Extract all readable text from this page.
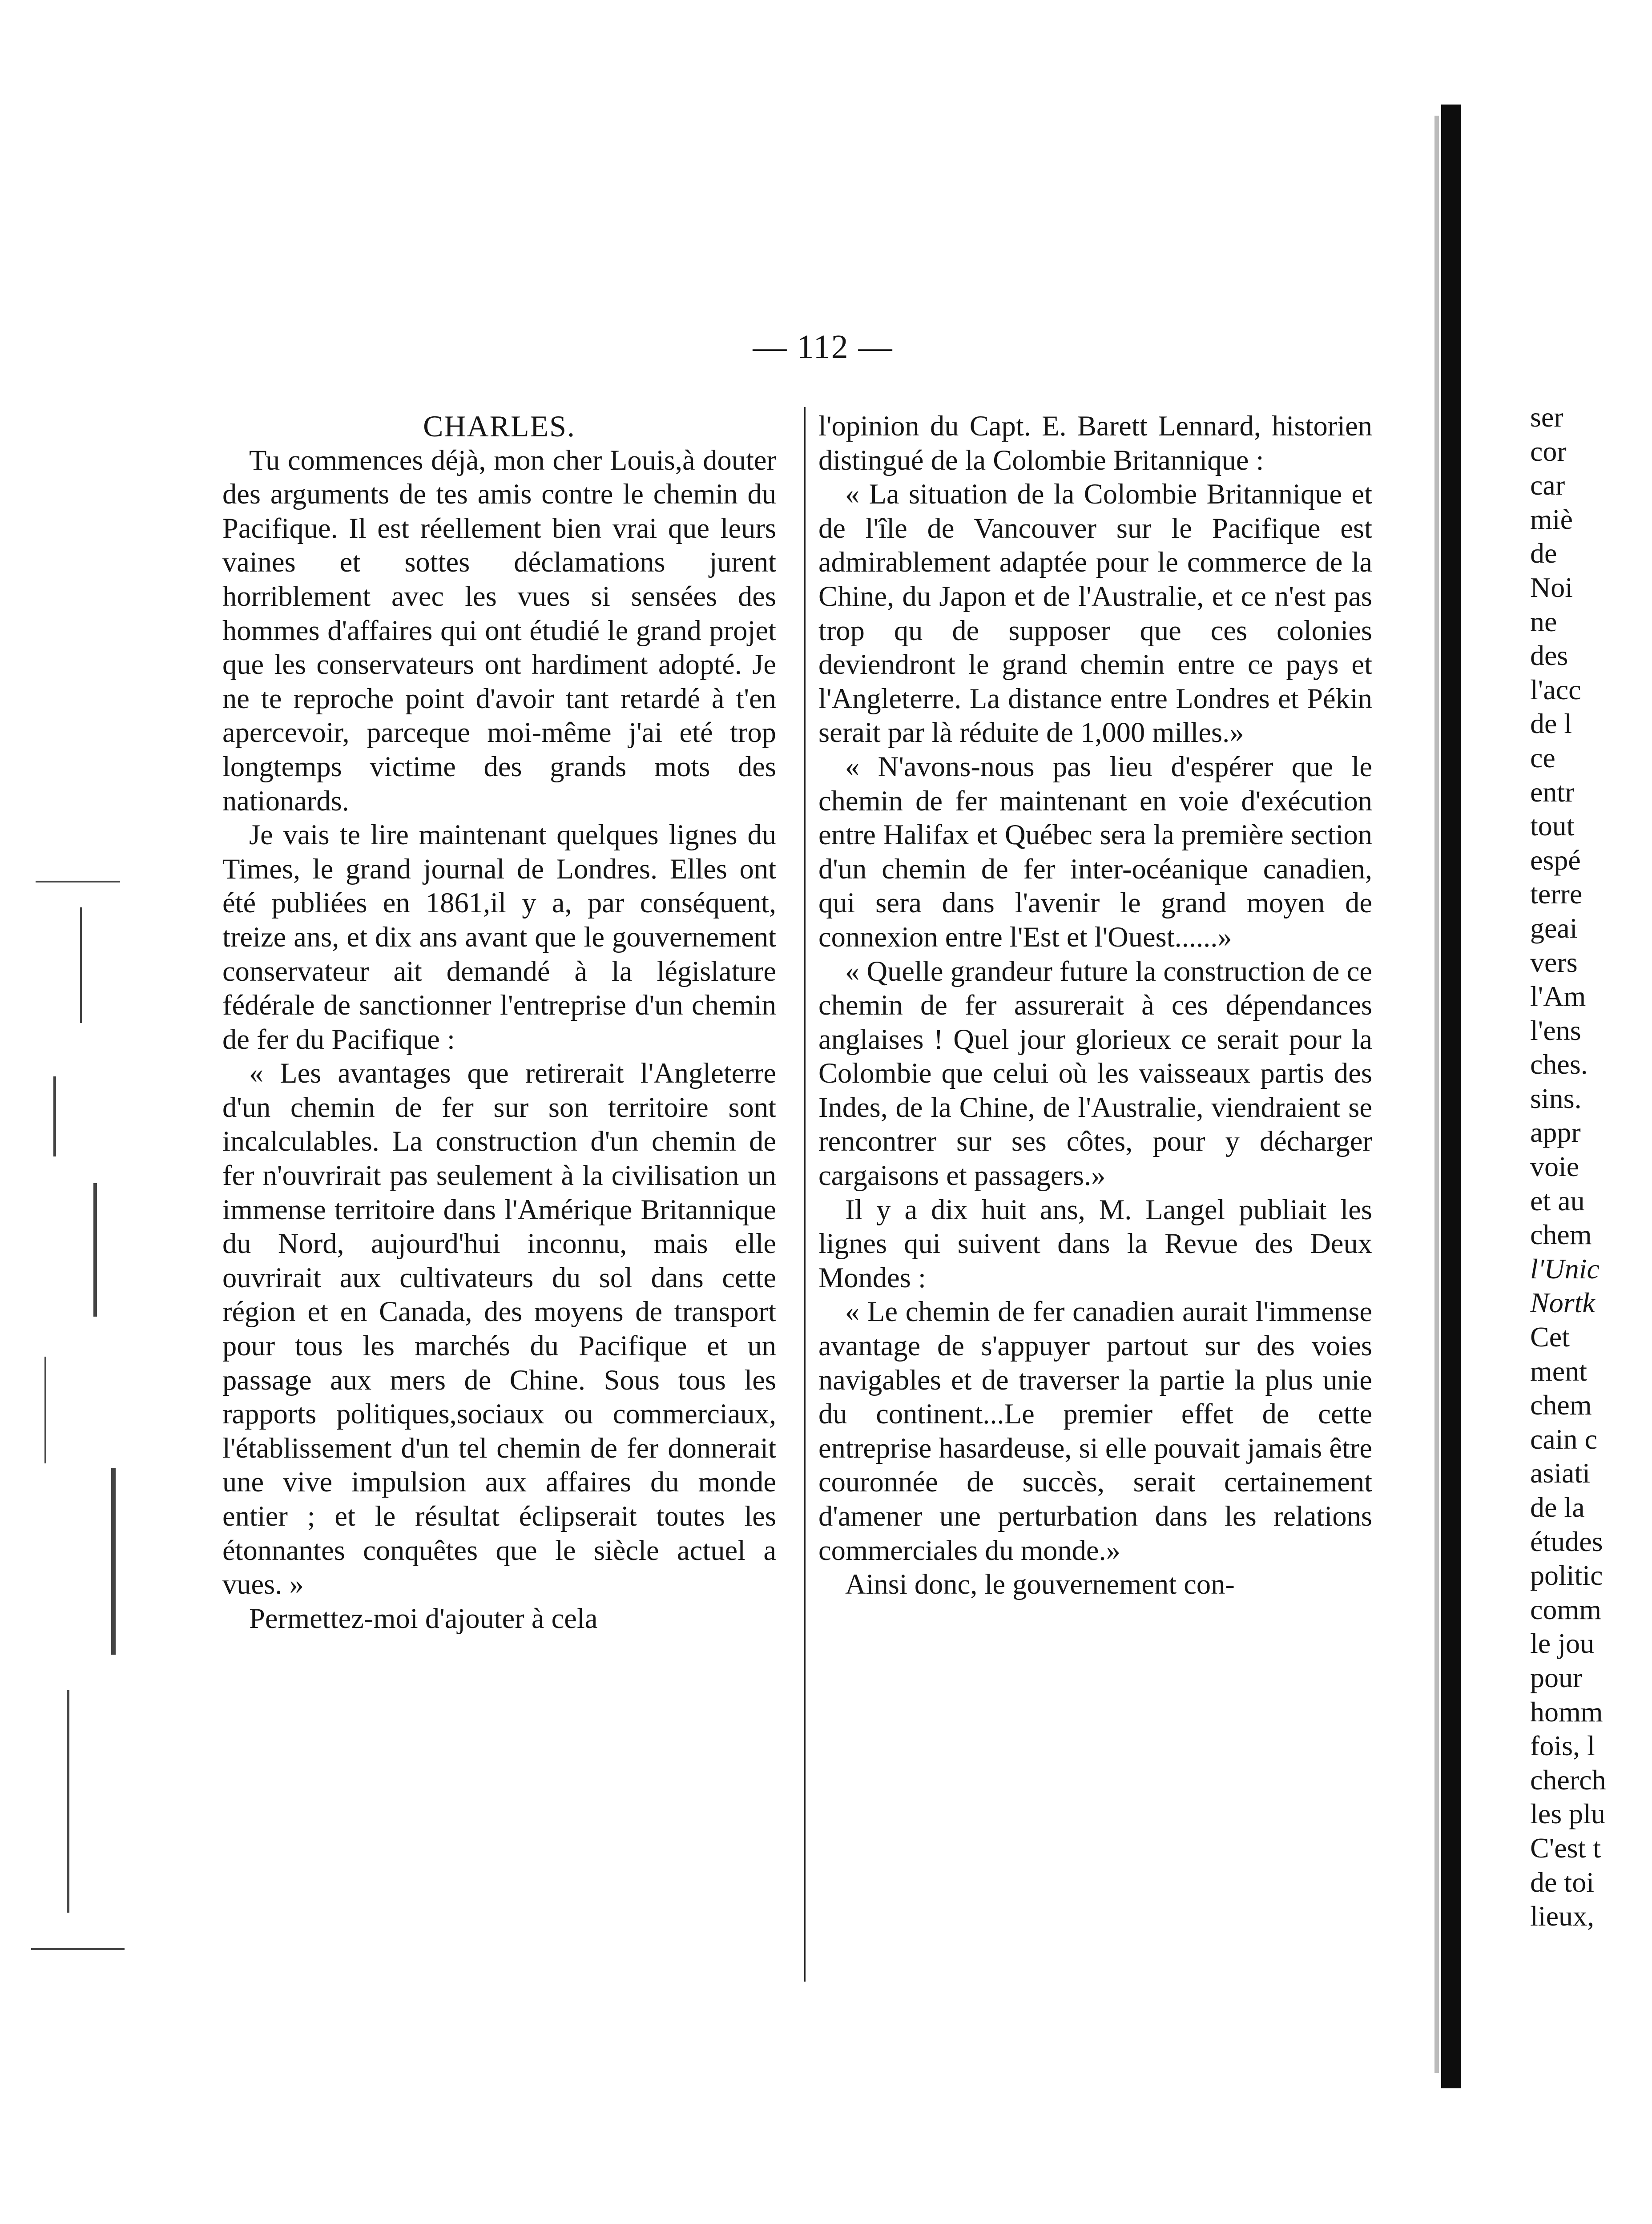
— 112 —
CHARLES.

Tu commences déjà, mon cher Louis,à douter des arguments de tes amis contre le chemin du Pacifique. Il est réellement bien vrai que leurs vaines et sottes déclamations jurent horriblement avec les vues si sensées des hommes d'affaires qui ont étudié le grand projet que les conservateurs ont hardiment adopté. Je ne te reproche point d'avoir tant retardé à t'en apercevoir, parceque moi-même j'ai eté trop longtemps victime des grands mots des nationards.

Je vais te lire maintenant quelques lignes du Times, le grand journal de Londres. Elles ont été publiées en 1861,il y a, par conséquent, treize ans, et dix ans avant que le gouvernement conservateur ait demandé à la législature fédérale de sanctionner l'entreprise d'un chemin de fer du Pacifique :

« Les avantages que retirerait l'Angleterre d'un chemin de fer sur son territoire sont incalculables. La construction d'un chemin de fer n'ouvrirait pas seulement à la civilisation un immense territoire dans l'Amérique Britannique du Nord, aujourd'hui inconnu, mais elle ouvrirait aux cultivateurs du sol dans cette région et en Canada, des moyens de transport pour tous les marchés du Pacifique et un passage aux mers de Chine. Sous tous les rapports politiques,sociaux ou commerciaux, l'établissement d'un tel chemin de fer donnerait une vive impulsion aux affaires du monde entier ; et le résultat éclipserait toutes les étonnantes conquêtes que le siècle actuel a vues. »

Permettez-moi d'ajouter à cela

l'opinion du Capt. E. Barett Lennard, historien distingué de la Colombie Britannique :

« La situation de la Colombie Britannique et de l'île de Vancouver sur le Pacifique est admirablement adaptée pour le commerce de la Chine, du Japon et de l'Australie, et ce n'est pas trop qu de supposer que ces colonies deviendront le grand chemin entre ce pays et l'Angleterre. La distance entre Londres et Pékin serait par là réduite de 1,000 milles.»

« N'avons-nous pas lieu d'espérer que le chemin de fer maintenant en voie d'exécution entre Halifax et Québec sera la première section d'un chemin de fer inter-océanique canadien, qui sera dans l'avenir le grand moyen de connexion entre l'Est et l'Ouest......»

« Quelle grandeur future la construction de ce chemin de fer assurerait à ces dépendances anglaises ! Quel jour glorieux ce serait pour la Colombie que celui où les vaisseaux partis des Indes, de la Chine, de l'Australie, viendraient se rencontrer sur ses côtes, pour y décharger cargaisons et passagers.»

Il y a dix huit ans, M. Langel publiait les lignes qui suivent dans la Revue des Deux Mondes :

« Le chemin de fer canadien aurait l'immense avantage de s'appuyer partout sur des voies navigables et de traverser la partie la plus unie du continent...Le premier effet de cette entreprise hasardeuse, si elle pouvait jamais être couronnée de succès, serait certainement d'amener une perturbation dans les relations commerciales du monde.»

Ainsi donc, le gouvernement con-

ser
cor
car
miè
de
Noi
ne
des
l'acc
de l
ce
entr
tout
espé
terre
geai
vers
l'Am
l'ens
ches.
sins.
appr
voie
et au
chem
l'Unic
Nortk
Cet
ment
chem
cain c
asiati
de la
études
politic
comm
le jou
pour
homm
fois, l
cherch
les plu
C'est t
de toi
lieux,
